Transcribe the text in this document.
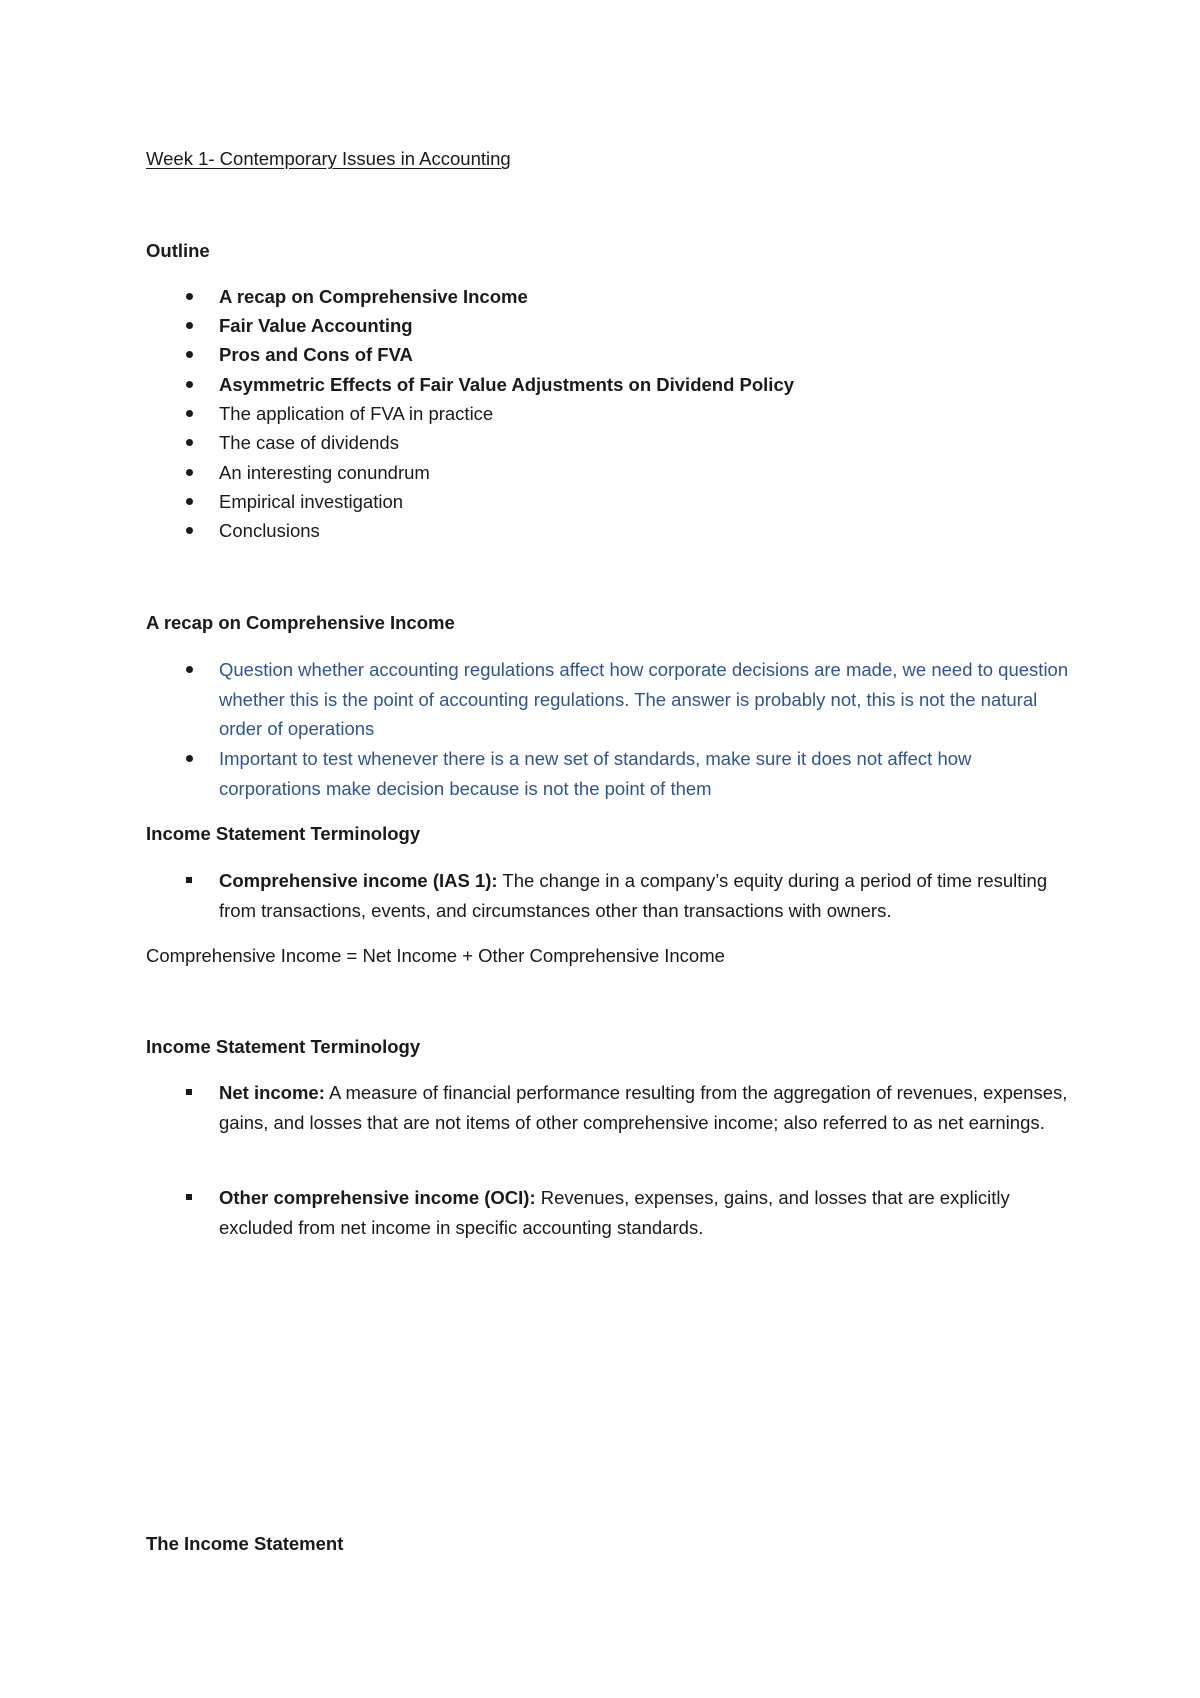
Week 1- Contemporary Issues in Accounting
Outline
A recap on Comprehensive Income
Fair Value Accounting
Pros and Cons of FVA
Asymmetric Effects of Fair Value Adjustments on Dividend Policy
The application of FVA in practice
The case of dividends
An interesting conundrum
Empirical investigation
Conclusions
A recap on Comprehensive Income
Question whether accounting regulations affect how corporate decisions are made, we need to question whether this is the point of accounting regulations. The answer is probably not, this is not the natural order of operations
Important to test whenever there is a new set of standards, make sure it does not affect how corporations make decision because is not the point of them
Income Statement Terminology
Comprehensive income (IAS 1): The change in a company’s equity during a period of time resulting from transactions, events, and circumstances other than transactions with owners.
Comprehensive Income = Net Income + Other Comprehensive Income
Income Statement Terminology
Net income: A measure of financial performance resulting from the aggregation of revenues, expenses, gains, and losses that are not items of other comprehensive income; also referred to as net earnings.
Other comprehensive income (OCI): Revenues, expenses, gains, and losses that are explicitly excluded from net income in specific accounting standards.
The Income Statement
